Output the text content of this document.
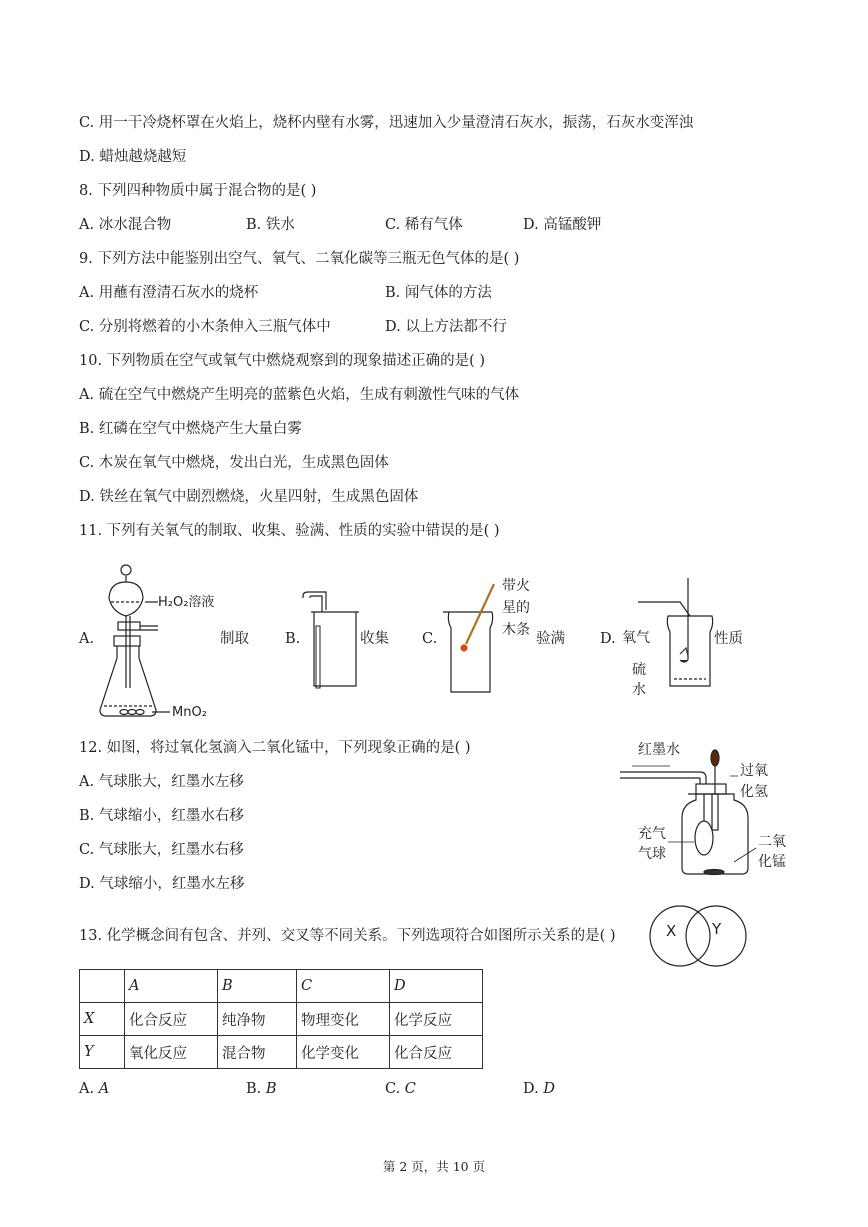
C. 用一干冷烧杯罩在火焰上，烧杯内壁有水雾，迅速加入少量澄清石灰水，振荡，石灰水变浑浊
D. 蜡烛越烧越短
8. 下列四种物质中属于混合物的是( )
A. 冰水混合物	B. 铁水	C. 稀有气体	D. 高锰酸钾
9. 下列方法中能鉴别出空气、氧气、二氧化碳等三瓶无色气体的是( )
A. 用蘸有澄清石灰水的烧杯	B. 闻气体的方法
C. 分别将燃着的小木条伸入三瓶气体中	D. 以上方法都不行
10. 下列物质在空气或氧气中燃烧观察到的现象描述正确的是( )
A. 硫在空气中燃烧产生明亮的蓝紫色火焰，生成有刺激性气味的气体
B. 红磷在空气中燃烧产生大量白雾
C. 木炭在氧气中燃烧，发出白光，生成黑色固体
D. 铁丝在氧气中剧烈燃烧，火星四射，生成黑色固体
11. 下列有关氧气的制取、收集、验满、性质的实验中错误的是( )
H₂O₂溶液
MnO₂
带火
星的
木条	氧气
硫
水
A.	制取 B.	收集 C.	验满 D.	性质
12. 如图，将过氧化氢滴入二氧化锰中，下列现象正确的是( )
A. 气球胀大，红墨水左移
B. 气球缩小，红墨水右移
C. 气球胀大，红墨水右移
D. 气球缩小，红墨水左移
红墨水
过氧
化氢
充气
气球
二氧
化锰
13. 化学概念间有包含、并列、交叉等不同关系。下列选项符合如图所示关系的是( )	X Y
	A	B	C	D
X	化合反应	纯净物	物理变化	化学反应
Y	氧化反应	混合物	化学变化	化合反应
A. A	B. B	C. C	D. D
第 2 页，共 10 页
